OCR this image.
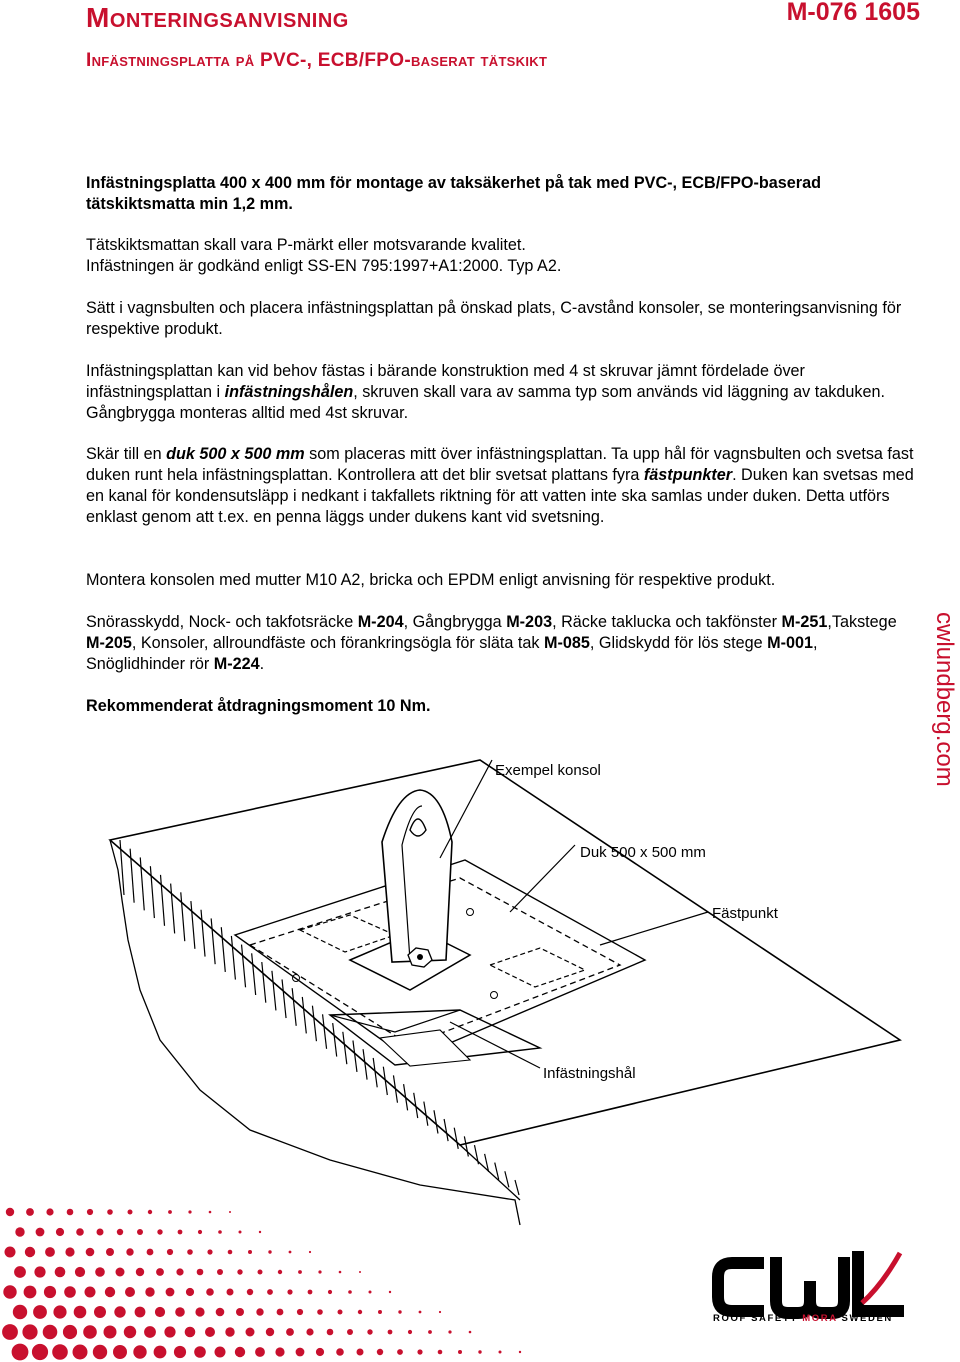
Monteringsanvisning	M-076 1605
Infästningsplatta på PVC-, ECB/FPO-baserat tätskikt
Infästningsplatta 400 x 400 mm för montage av taksäkerhet på tak med PVC-, ECB/FPO-baserad tätskiktsmatta min 1,2 mm.

Tätskiktsmattan skall vara P-märkt eller motsvarande kvalitet.

Infästningen är godkänd enligt SS-EN 795:1997+A1:2000. Typ A2.

Sätt i vagnsbulten och placera infästningsplattan på önskad plats, C-avstånd konsoler, se monteringsanvisning för respektive produkt.
Infästningsplattan kan vid behov fästas i bärande konstruktion med 4 st skruvar jämnt fördelade över infästningsplattan i infästningshålen, skruven skall vara av samma typ som används vid läggning av takduken. Gångbrygga monteras alltid med 4st skruvar.
Skär till en duk 500 x 500 mm som placeras mitt över infästningsplattan. Ta upp hål för vagnsbulten och svetsa fast duken runt hela infästningsplattan. Kontrollera att det blir svetsat plattans fyra fästpunkter. Duken kan svetsas med en kanal för kondensutsläpp i nedkant i takfallets riktning för att vatten inte ska samlas under duken. Detta utförs enklast genom att t.ex. en penna läggs under dukens kant vid svetsning.
Montera konsolen med mutter M10 A2, bricka och EPDM enligt anvisning för respektive produkt.
Snörasskydd, Nock- och takfotsräcke M-204, Gångbrygga M-203, Räcke taklucka och takfönster M-251,Takstege M-205, Konsoler, allroundfäste och förankringsögla för släta tak M-085, Glidskydd för lös stege M-001, Snöglidhinder rör M-224.
Rekommenderat åtdragningsmoment 10 Nm.	cwlundberg.com
Exempel konsol
Duk 500 x 500 mm
Fästpunkt
Infästningshål
ROOF SAFETY MORA SWEDEN
